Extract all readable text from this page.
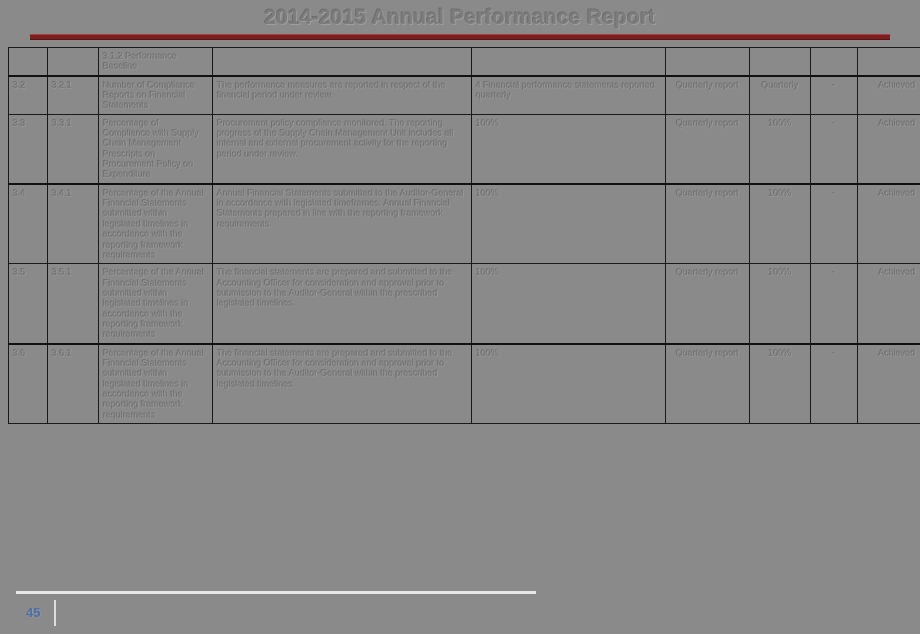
2014-2015 Annual Performance Report
		3.1.2 Performance Baseline						
3.2	3.2.1	Number of Compliance Reports on Financial Statements	The performance measures are reported in respect of the financial period under review.	4 Financial performance statements reported quarterly	Quarterly report	Quarterly	-	Achieved
3.3	3.3.1	Percentage of Compliance with Supply Chain Management Prescripts on Procurement Policy on Expenditure	Procurement policy compliance monitored. The reporting progress of the Supply Chain Management Unit includes all internal and external procurement activity for the reporting period under review.	100%	Quarterly report	100%	-	Achieved
3.4	3.4.1	Percentage of the Annual Financial Statements submitted within legislated timelines in accordance with the reporting framework requirements	Annual Financial Statements submitted to the Auditor-General in accordance with legislated timeframes. Annual Financial Statements prepared in line with the reporting framework requirements.	100%	Quarterly report	100%	-	Achieved
3.5	3.5.1	Percentage of the Annual Financial Statements submitted within legislated timelines in accordance with the reporting framework requirements	The financial statements are prepared and submitted to the Accounting Officer for consideration and approval prior to submission to the Auditor-General within the prescribed legislated timelines.	100%	Quarterly report	100%	-	Achieved
3.6	3.6.1	Percentage of the Annual Financial Statements submitted within legislated timelines in accordance with the reporting framework requirements	The financial statements are prepared and submitted to the Accounting Officer for consideration and approval prior to submission to the Auditor-General within the prescribed legislated timelines.	100%	Quarterly report	100%	-	Achieved
45
